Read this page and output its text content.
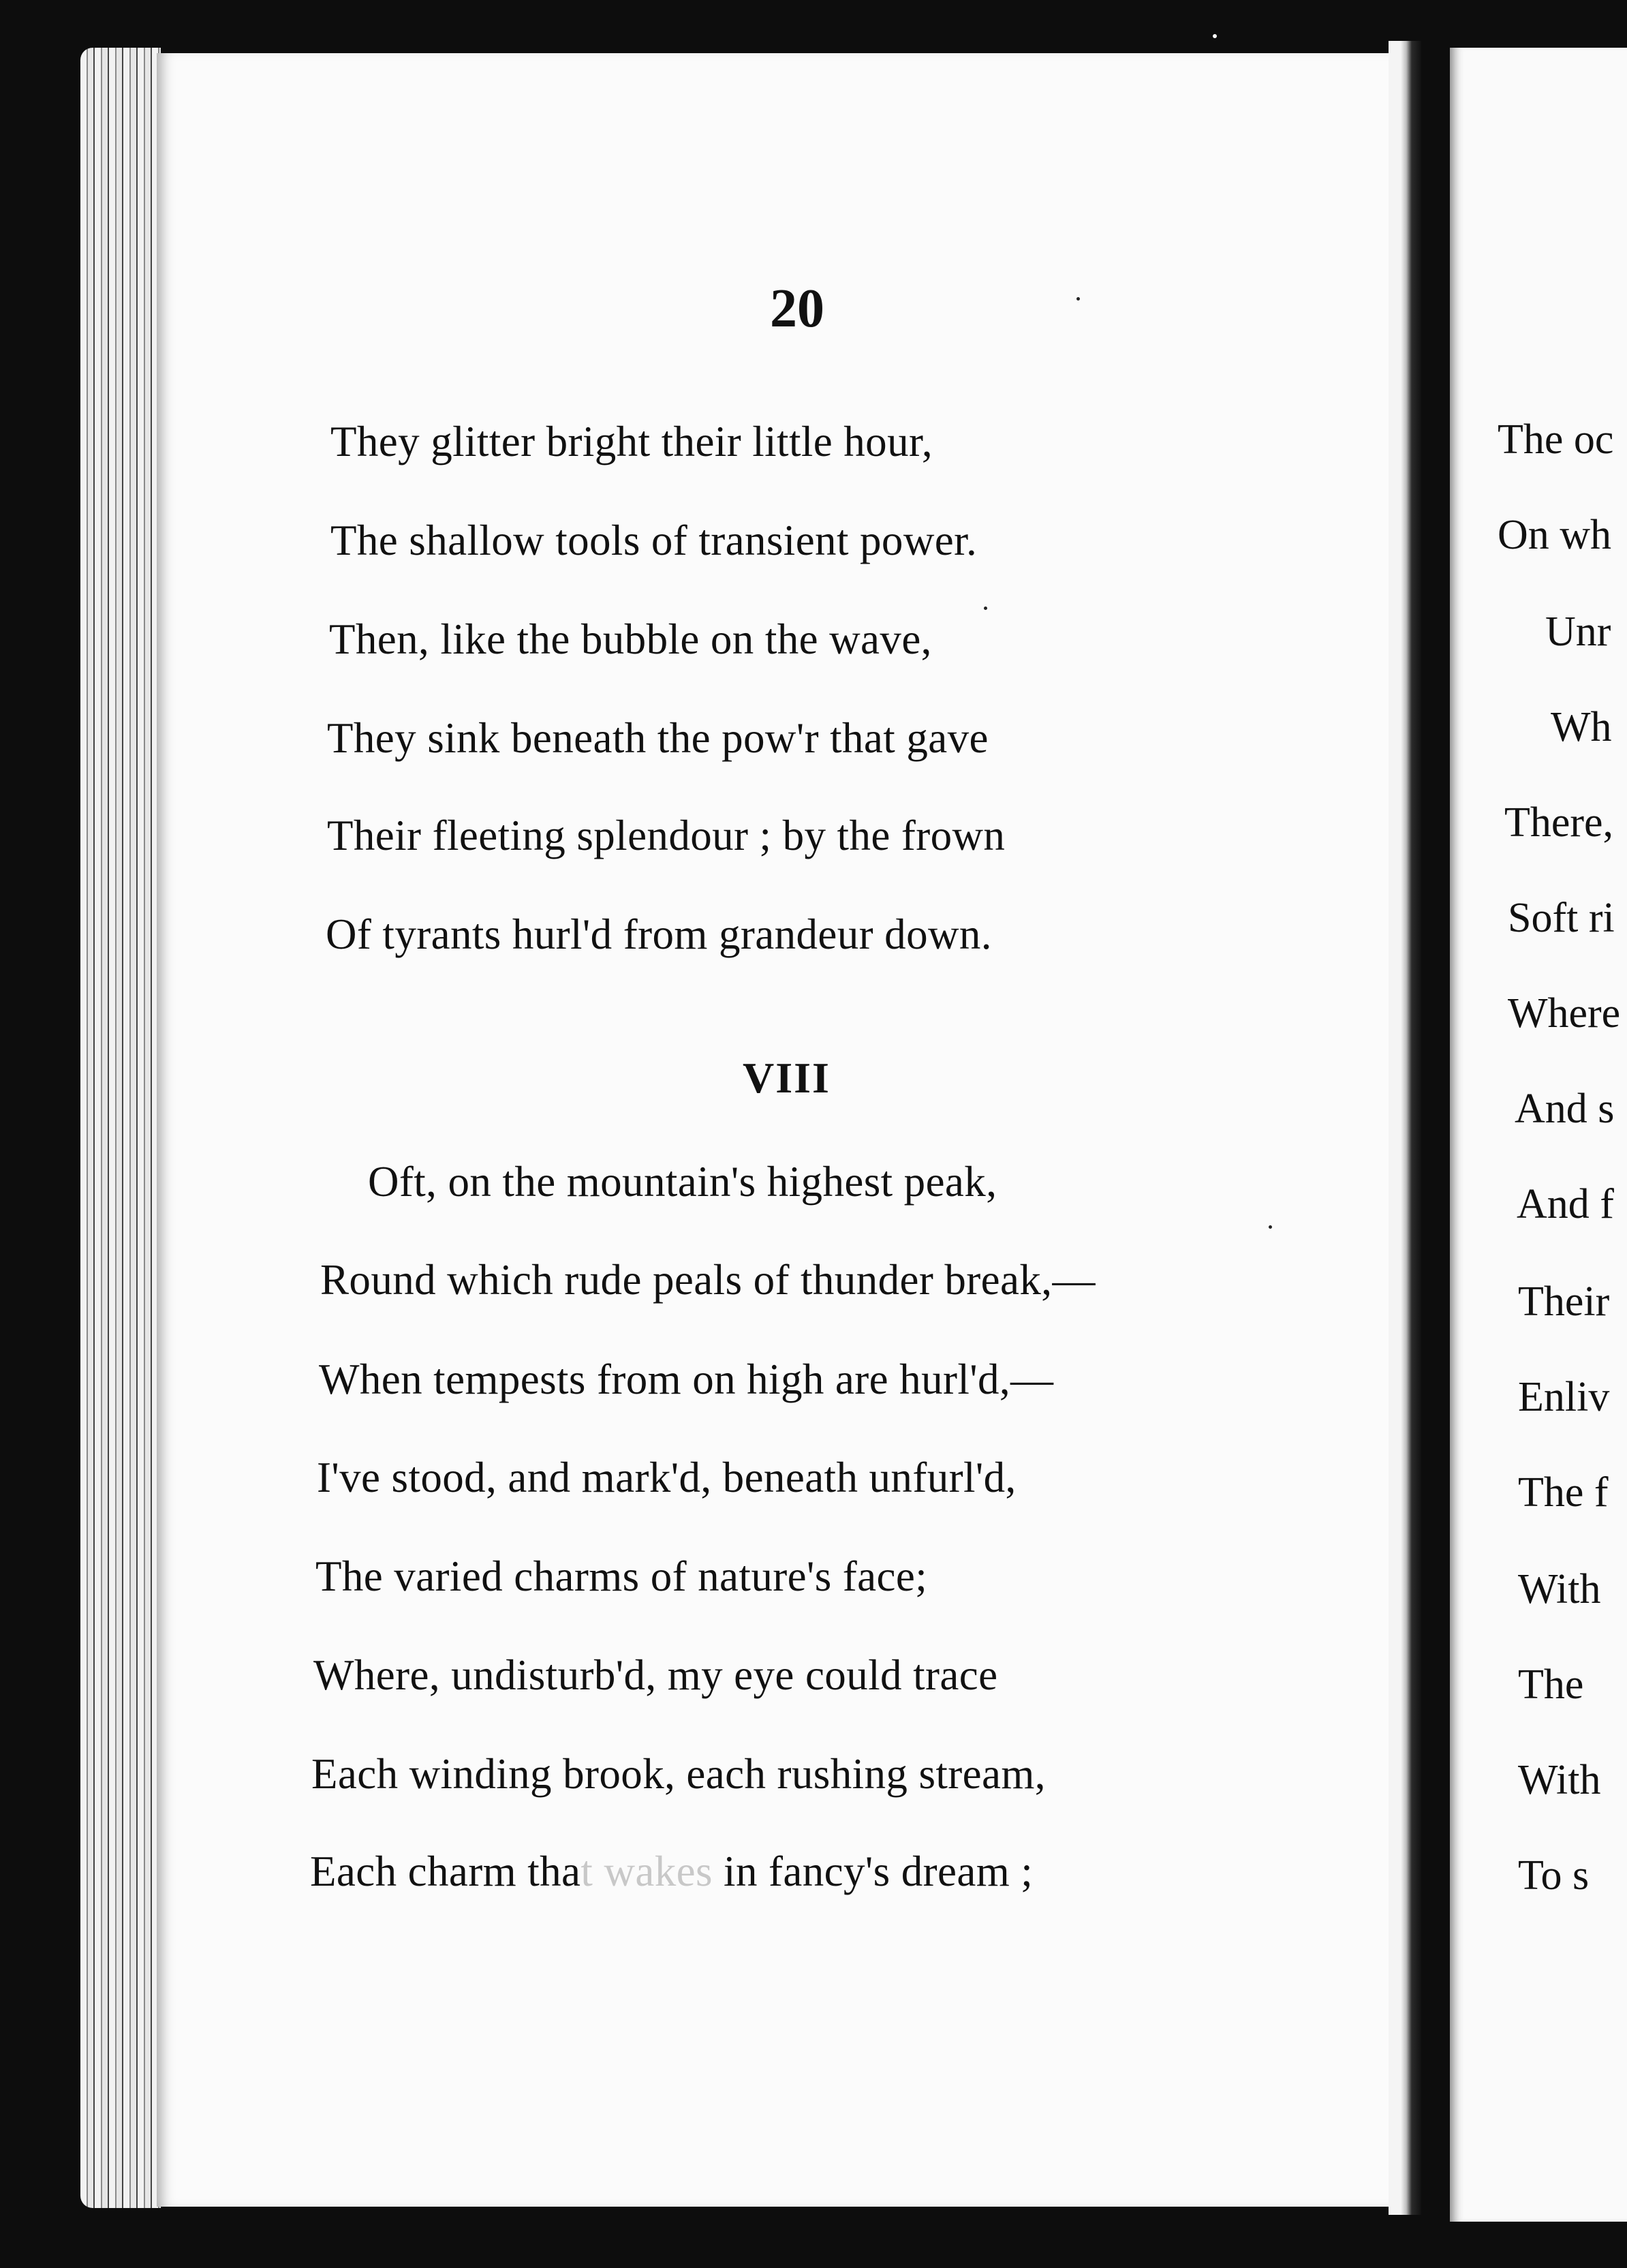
20
They glitter bright their little hour,
The shallow tools of transient power.
Then, like the bubble on the wave,
They sink beneath the pow'r that gave
Their fleeting splendour ; by the frown
Of tyrants hurl'd from grandeur down.
VIII
Oft, on the mountain's highest peak,
Round which rude peals of thunder break,—
When tempests from on high are hurl'd,—
I've stood, and mark'd, beneath unfurl'd,
The varied charms of nature's face;
Where, undisturb'd, my eye could trace
Each winding brook, each rushing stream,
Each charm that wakes in fancy's dream ;
The oc
On wh
Unr
Wh
There,
Soft ri
Where
And s
And f
Their
Enliv
The f
With
The
With
To s
